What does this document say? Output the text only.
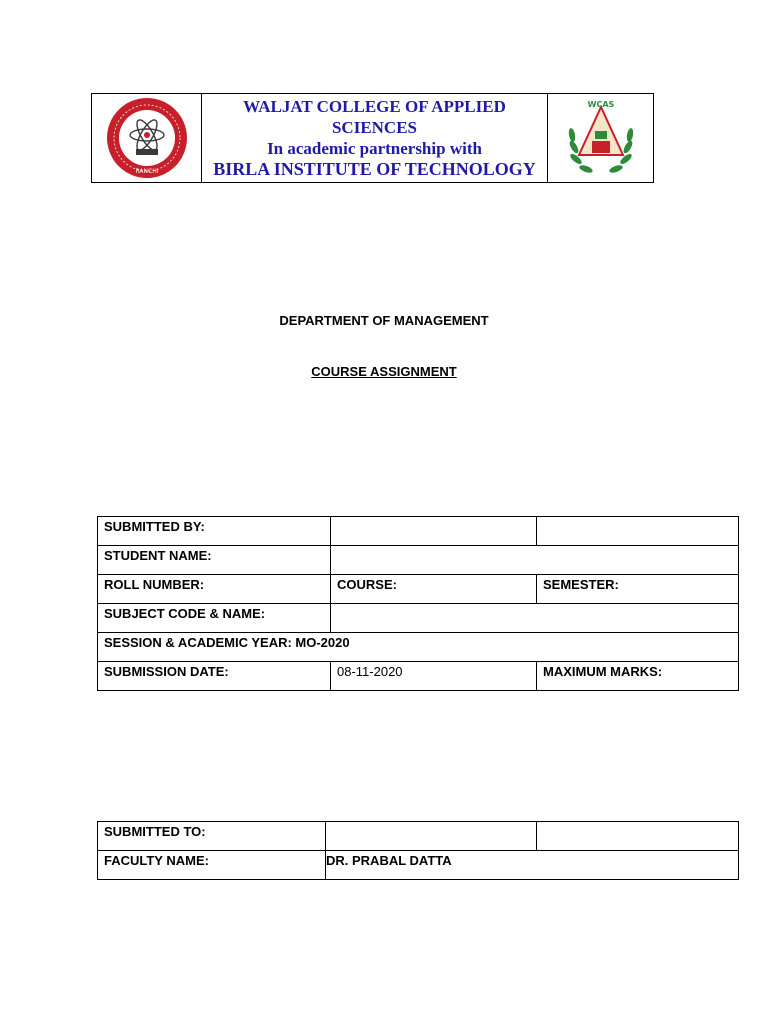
RANCHI
WALJAT COLLEGE OF APPLIED
SCIENCES
In academic partnership with
BIRLA INSTITUTE OF TECHNOLOGY
WCAS
DEPARTMENT OF MANAGEMENT
COURSE ASSIGNMENT
SUBMITTED BY:		
STUDENT NAME:		
ROLL NUMBER:	COURSE:	SEMESTER:
SUBJECT CODE & NAME:		
SESSION & ACADEMIC YEAR: MO-2020		
SUBMISSION DATE:	08-11-2020	MAXIMUM MARKS:
SUBMITTED TO:		
FACULTY NAME:	DR. PRABAL DATTA	
